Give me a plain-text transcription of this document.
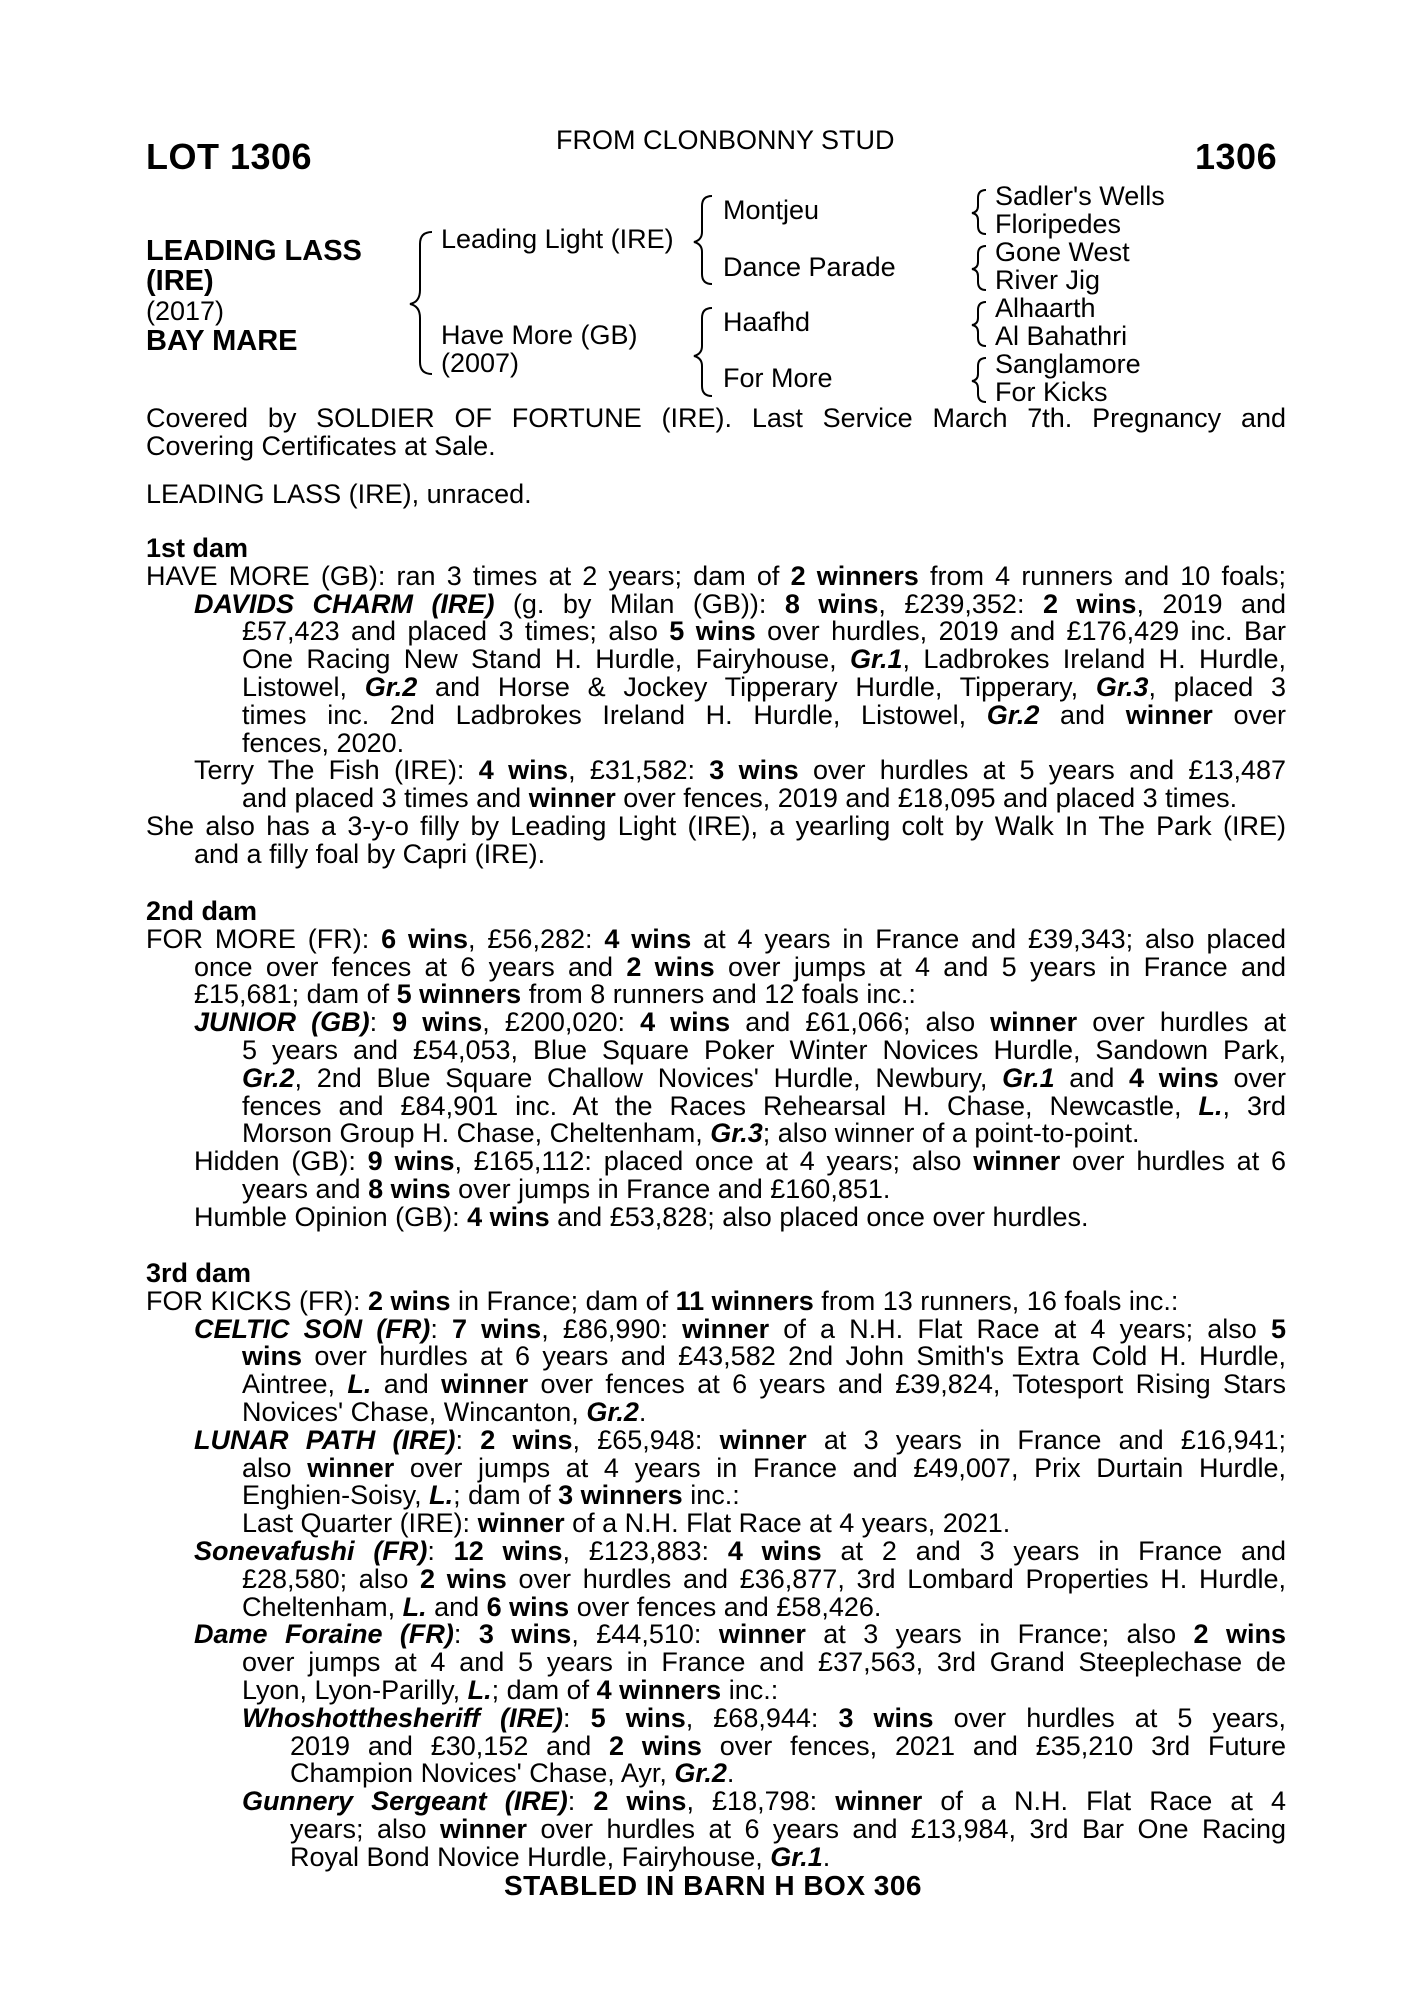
LOT 1306	FROM CLONBONNY STUD	1306
LEADING LASS
(IRE)
(2017)
BAY MARE
Leading Light (IRE)
Have More (GB)
(2007)
Montjeu
Dance Parade
Haafhd
For More
Sadler's Wells
Floripedes
Gone West
River Jig
Alhaarth
Al Bahathri
Sanglamore
For Kicks

Covered by SOLDIER OF FORTUNE (IRE). Last Service March 7th. Pregnancy and

Covering Certificates at Sale.

LEADING LASS (IRE), unraced.

1st dam

HAVE MORE (GB): ran 3 times at 2 years; dam of 2 winners from 4 runners and 10 foals;

DAVIDS CHARM (IRE) (g. by Milan (GB)): 8 wins, £239,352: 2 wins, 2019 and

£57,423 and placed 3 times; also 5 wins over hurdles, 2019 and £176,429 inc. Bar

One Racing New Stand H. Hurdle, Fairyhouse, Gr.1, Ladbrokes Ireland H. Hurdle,

Listowel, Gr.2 and Horse & Jockey Tipperary Hurdle, Tipperary, Gr.3, placed 3

times inc. 2nd Ladbrokes Ireland H. Hurdle, Listowel, Gr.2 and winner over

fences, 2020.

Terry The Fish (IRE): 4 wins, £31,582: 3 wins over hurdles at 5 years and £13,487

and placed 3 times and winner over fences, 2019 and £18,095 and placed 3 times.

She also has a 3-y-o filly by Leading Light (IRE), a yearling colt by Walk In The Park (IRE)

and a filly foal by Capri (IRE).

2nd dam

FOR MORE (FR): 6 wins, £56,282: 4 wins at 4 years in France and £39,343; also placed

once over fences at 6 years and 2 wins over jumps at 4 and 5 years in France and

£15,681; dam of 5 winners from 8 runners and 12 foals inc.:

JUNIOR (GB): 9 wins, £200,020: 4 wins and £61,066; also winner over hurdles at

5 years and £54,053, Blue Square Poker Winter Novices Hurdle, Sandown Park,

Gr.2, 2nd Blue Square Challow Novices' Hurdle, Newbury, Gr.1 and 4 wins over

fences and £84,901 inc. At the Races Rehearsal H. Chase, Newcastle, L., 3rd

Morson Group H. Chase, Cheltenham, Gr.3; also winner of a point-to-point.

Hidden (GB): 9 wins, £165,112: placed once at 4 years; also winner over hurdles at 6

years and 8 wins over jumps in France and £160,851.

Humble Opinion (GB): 4 wins and £53,828; also placed once over hurdles.

3rd dam

FOR KICKS (FR): 2 wins in France; dam of 11 winners from 13 runners, 16 foals inc.:

CELTIC SON (FR): 7 wins, £86,990: winner of a N.H. Flat Race at 4 years; also 5

wins over hurdles at 6 years and £43,582 2nd John Smith's Extra Cold H. Hurdle,

Aintree, L. and winner over fences at 6 years and £39,824, Totesport Rising Stars

Novices' Chase, Wincanton, Gr.2.

LUNAR PATH (IRE): 2 wins, £65,948: winner at 3 years in France and £16,941;

also winner over jumps at 4 years in France and £49,007, Prix Durtain Hurdle,

Enghien-Soisy, L.; dam of 3 winners inc.:

Last Quarter (IRE): winner of a N.H. Flat Race at 4 years, 2021.

Sonevafushi (FR): 12 wins, £123,883: 4 wins at 2 and 3 years in France and

£28,580; also 2 wins over hurdles and £36,877, 3rd Lombard Properties H. Hurdle,

Cheltenham, L. and 6 wins over fences and £58,426.

Dame Foraine (FR): 3 wins, £44,510: winner at 3 years in France; also 2 wins

over jumps at 4 and 5 years in France and £37,563, 3rd Grand Steeplechase de

Lyon, Lyon-Parilly, L.; dam of 4 winners inc.:

Whoshotthesheriff (IRE): 5 wins, £68,944: 3 wins over hurdles at 5 years,

2019 and £30,152 and 2 wins over fences, 2021 and £35,210 3rd Future

Champion Novices' Chase, Ayr, Gr.2.

Gunnery Sergeant (IRE): 2 wins, £18,798: winner of a N.H. Flat Race at 4

years; also winner over hurdles at 6 years and £13,984, 3rd Bar One Racing

Royal Bond Novice Hurdle, Fairyhouse, Gr.1.

STABLED IN BARN H BOX 306
